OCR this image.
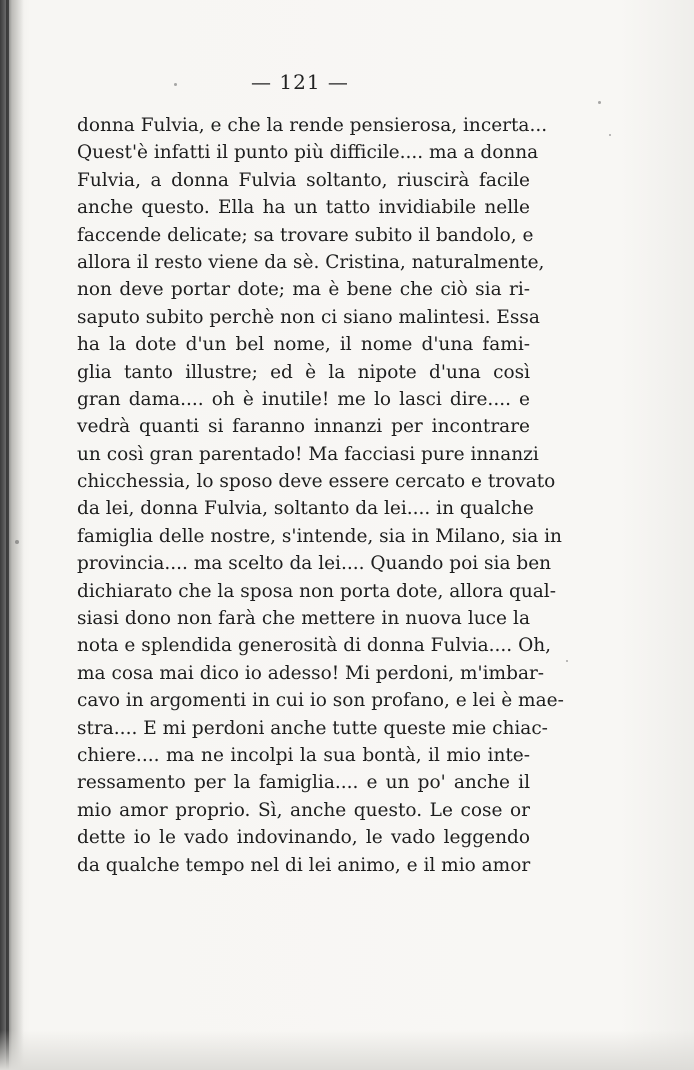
— 121 —
donna Fulvia, e che la rende pensierosa, incerta...
Quest'è infatti il punto più difficile.... ma a donna
Fulvia, a donna Fulvia soltanto, riuscirà facile
anche questo. Ella ha un tatto invidiabile nelle
faccende delicate; sa trovare subito il bandolo, e
allora il resto viene da sè. Cristina, naturalmente,
non deve portar dote; ma è bene che ciò sia ri-
saputo subito perchè non ci siano malintesi. Essa
ha la dote d'un bel nome, il nome d'una fami-
glia tanto illustre; ed è la nipote d'una così
gran dama.... oh è inutile! me lo lasci dire.... e
vedrà quanti si faranno innanzi per incontrare
un così gran parentado! Ma facciasi pure innanzi
chicchessia, lo sposo deve essere cercato e trovato
da lei, donna Fulvia, soltanto da lei.... in qualche
famiglia delle nostre, s'intende, sia in Milano, sia in
provincia.... ma scelto da lei.... Quando poi sia ben
dichiarato che la sposa non porta dote, allora qual-
siasi dono non farà che mettere in nuova luce la
nota e splendida generosità di donna Fulvia.... Oh,
ma cosa mai dico io adesso! Mi perdoni, m'imbar-
cavo in argomenti in cui io son profano, e lei è mae-
stra.... E mi perdoni anche tutte queste mie chiac-
chiere.... ma ne incolpi la sua bontà, il mio inte-
ressamento per la famiglia.... e un po' anche il
mio amor proprio. Sì, anche questo. Le cose or
dette io le vado indovinando, le vado leggendo
da qualche tempo nel di lei animo, e il mio amor
